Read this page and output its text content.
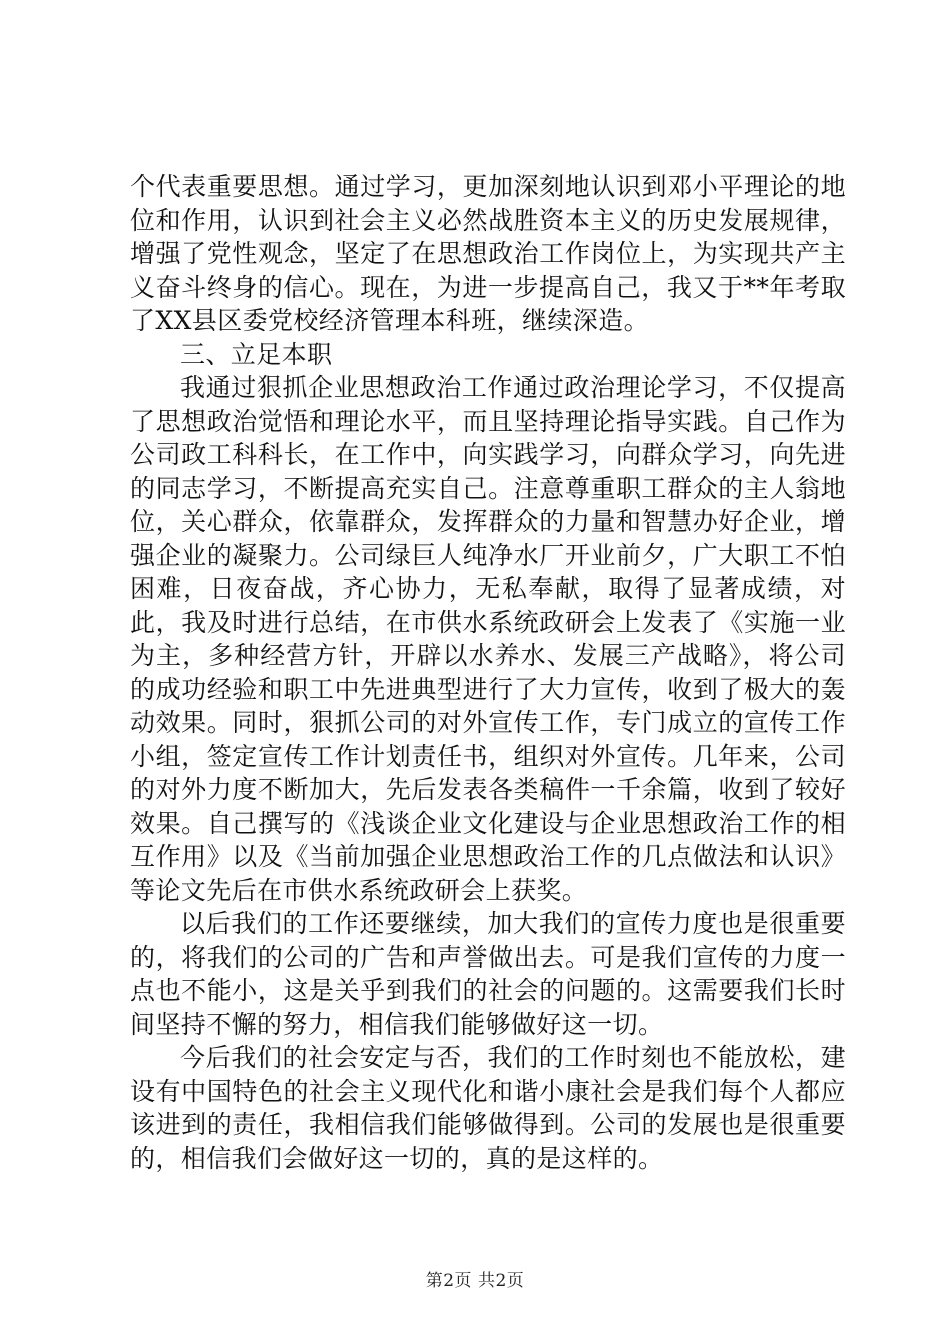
个代表重要思想。通过学习，更加深刻地认识到邓小平理论的地位和作用，认识到社会主义必然战胜资本主义的历史发展规律，增强了党性观念，坚定了在思想政治工作岗位上，为实现共产主义奋斗终身的信心。现在，为进一步提高自己，我又于**年考取了XX县区委党校经济管理本科班，继续深造。

三、立足本职

我通过狠抓企业思想政治工作通过政治理论学习，不仅提高了思想政治觉悟和理论水平，而且坚持理论指导实践。自己作为公司政工科科长，在工作中，向实践学习，向群众学习，向先进的同志学习，不断提高充实自己。注意尊重职工群众的主人翁地位，关心群众，依靠群众，发挥群众的力量和智慧办好企业，增强企业的凝聚力。公司绿巨人纯净水厂开业前夕，广大职工不怕困难，日夜奋战，齐心协力，无私奉献，取得了显著成绩，对此，我及时进行总结，在市供水系统政研会上发表了《实施一业为主，多种经营方针，开辟以水养水、发展三产战略》，将公司的成功经验和职工中先进典型进行了大力宣传，收到了极大的轰动效果。同时，狠抓公司的对外宣传工作，专门成立的宣传工作小组，签定宣传工作计划责任书，组织对外宣传。几年来，公司的对外力度不断加大，先后发表各类稿件一千余篇，收到了较好效果。自己撰写的《浅谈企业文化建设与企业思想政治工作的相互作用》以及《当前加强企业思想政治工作的几点做法和认识》等论文先后在市供水系统政研会上获奖。

以后我们的工作还要继续，加大我们的宣传力度也是很重要的，将我们的公司的广告和声誉做出去。可是我们宣传的力度一点也不能小，这是关乎到我们的社会的问题的。这需要我们长时间坚持不懈的努力，相信我们能够做好这一切。

今后我们的社会安定与否，我们的工作时刻也不能放松，建设有中国特色的社会主义现代化和谐小康社会是我们每个人都应该进到的责任，我相信我们能够做得到。公司的发展也是很重要的，相信我们会做好这一切的，真的是这样的。

第2页 共2页
